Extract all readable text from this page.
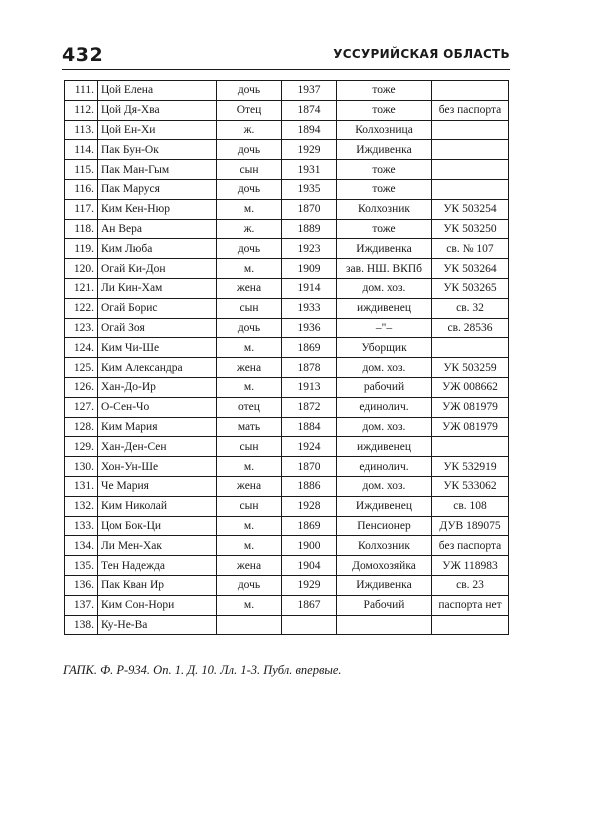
432	УССУРИЙСКАЯ ОБЛАСТЬ
111.	Цой Елена	дочь	1937	тоже	
112.	Цой Дя-Хва	Отец	1874	тоже	без паспорта
113.	Цой Ен-Хи	ж.	1894	Колхозница	
114.	Пак Бун-Ок	дочь	1929	Иждивенка	
115.	Пак Ман-Гым	сын	1931	тоже	
116.	Пак Маруся	дочь	1935	тоже	
117.	Ким Кен-Нюр	м.	1870	Колхозник	УК 503254
118.	Ан Вера	ж.	1889	тоже	УК 503250
119.	Ким Люба	дочь	1923	Иждивенка	св. № 107
120.	Огай Ки-Дон	м.	1909	зав. НШ. ВКПб	УК 503264
121.	Ли Кин-Хам	жена	1914	дом. хоз.	УК 503265
122.	Огай Борис	сын	1933	иждивенец	св. 32
123.	Огай Зоя	дочь	1936	–"–	св. 28536
124.	Ким Чи-Ше	м.	1869	Уборщик	
125.	Ким Александра	жена	1878	дом. хоз.	УК 503259
126.	Хан-До-Ир	м.	1913	рабочий	УЖ 008662
127.	О-Сен-Чо	отец	1872	единолич.	УЖ 081979
128.	Ким Мария	мать	1884	дом. хоз.	УЖ 081979
129.	Хан-Ден-Сен	сын	1924	иждивенец	
130.	Хон-Ун-Ше	м.	1870	единолич.	УК 532919
131.	Че Мария	жена	1886	дом. хоз.	УК 533062
132.	Ким Николай	сын	1928	Иждивенец	св. 108
133.	Цом Бок-Ци	м.	1869	Пенсионер	ДУВ 189075
134.	Ли Мен-Хак	м.	1900	Колхозник	без паспорта
135.	Тен Надежда	жена	1904	Домохозяйка	УЖ 118983
136.	Пак Кван Ир	дочь	1929	Иждивенка	св. 23
137.	Ким Сон-Нори	м.	1867	Рабочий	паспорта нет
138.	Ку-Не-Ва				
ГАПК. Ф. Р-934. Оп. 1. Д. 10. Лл. 1-3. Публ. впервые.
